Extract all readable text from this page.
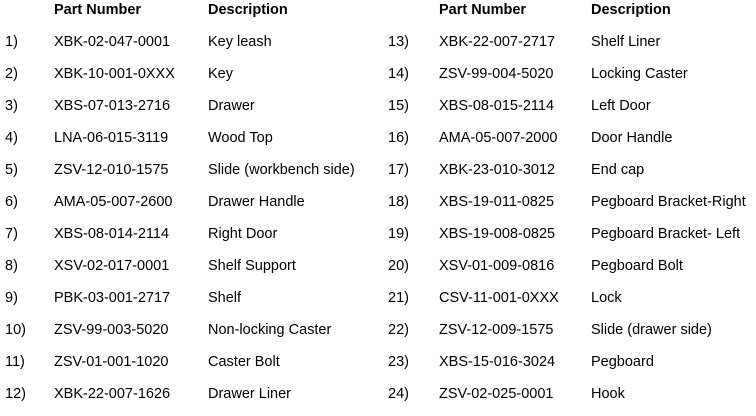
Part Number	Description
1) XBK-02-047-0001	Key leash
2) XBK-10-001-0XXX Key
3) XBS-07-013-2716	Drawer
4) LNA-06-015-3119	Wood Top
5) ZSV-12-010-1575	Slide (workbench side)
6) AMA-05-007-2600 Drawer Handle
7) XBS-08-014-2114	Right Door
8) XSV-02-017-0001	Shelf Support
9) PBK-03-001-2717	Shelf
10) ZSV-99-003-5020	Non-locking Caster
11) ZSV-01-001-1020	Caster Bolt
12) XBK-22-007-1626	Drawer Liner
Part Number	Description
13) XBK-22-007-2717 Shelf Liner
14) ZSV-99-004-5020	Locking Caster
15) XBS-08-015-2114	Left Door
16) AMA-05-007-2000 Door Handle
17) XBK-23-010-3012 End cap
18) XBS-19-011-0825	Pegboard Bracket-Right
19) XBS-19-008-0825 Pegboard Bracket- Left
20) XSV-01-009-0816	Pegboard Bolt
21) CSV-11-001-0XXX Lock
22) ZSV-12-009-1575	Slide (drawer side)
23) XBS-15-016-3024 Pegboard
24) ZSV-02-025-0001	Hook
